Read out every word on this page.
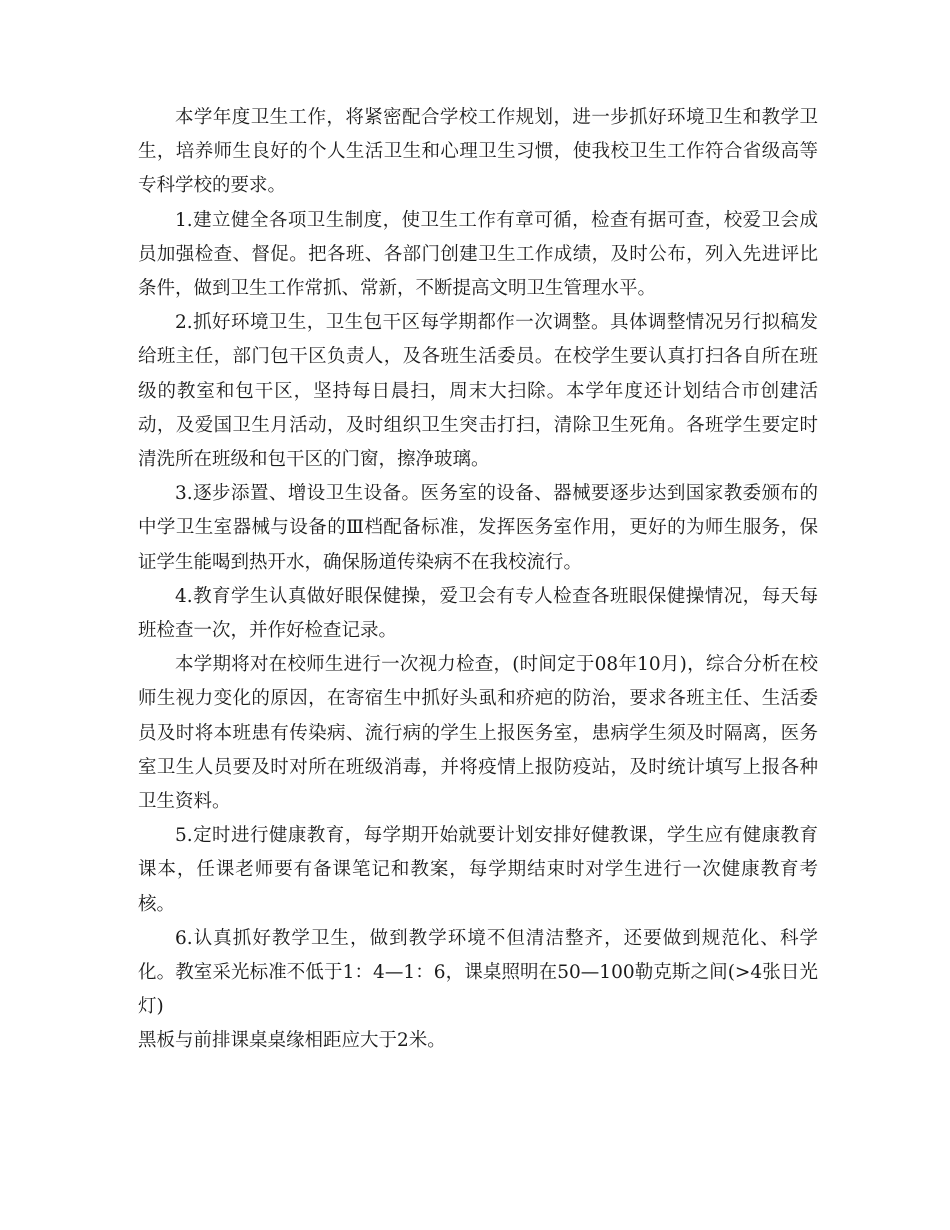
本学年度卫生工作，将紧密配合学校工作规划，进一步抓好环境卫生和教学卫生，培养师生良好的个人生活卫生和心理卫生习惯，使我校卫生工作符合省级高等专科学校的要求。

1.建立健全各项卫生制度，使卫生工作有章可循，检查有据可查，校爱卫会成员加强检查、督促。把各班、各部门创建卫生工作成绩，及时公布，列入先进评比条件，做到卫生工作常抓、常新，不断提高文明卫生管理水平。

2.抓好环境卫生，卫生包干区每学期都作一次调整。具体调整情况另行拟稿发给班主任，部门包干区负责人，及各班生活委员。在校学生要认真打扫各自所在班级的教室和包干区，坚持每日晨扫，周末大扫除。本学年度还计划结合市创建活动，及爱国卫生月活动，及时组织卫生突击打扫，清除卫生死角。各班学生要定时清洗所在班级和包干区的门窗，擦净玻璃。

3.逐步添置、增设卫生设备。医务室的设备、器械要逐步达到国家教委颁布的中学卫生室器械与设备的Ⅲ档配备标准，发挥医务室作用，更好的为师生服务，保证学生能喝到热开水，确保肠道传染病不在我校流行。

4.教育学生认真做好眼保健操，爱卫会有专人检查各班眼保健操情况，每天每班检查一次，并作好检查记录。

本学期将对在校师生进行一次视力检查，(时间定于08年10月)，综合分析在校师生视力变化的原因，在寄宿生中抓好头虱和疥疤的防治，要求各班主任、生活委员及时将本班患有传染病、流行病的学生上报医务室，患病学生须及时隔离，医务室卫生人员要及时对所在班级消毒，并将疫情上报防疫站，及时统计填写上报各种卫生资料。

5.定时进行健康教育，每学期开始就要计划安排好健教课，学生应有健康教育课本，任课老师要有备课笔记和教案，每学期结束时对学生进行一次健康教育考核。

6.认真抓好教学卫生，做到教学环境不但清洁整齐，还要做到规范化、科学化。教室采光标准不低于1：4—1：6，课桌照明在50—100勒克斯之间(>4张日光灯)

黑板与前排课桌桌缘相距应大于2米。
